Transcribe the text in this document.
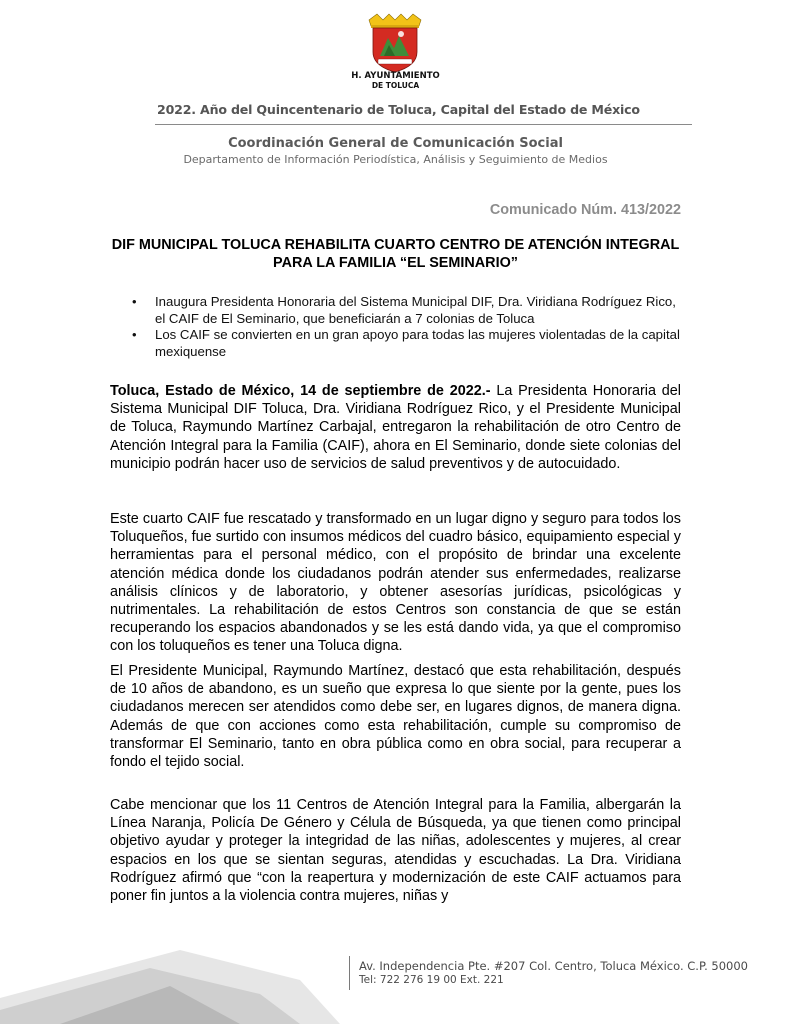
H. AYUNTAMIENTO
DE TOLUCA
2022. Año del Quincentenario de Toluca, Capital del Estado de México
Coordinación General de Comunicación Social
Departamento de Información Periodística, Análisis y Seguimiento de Medios
Comunicado Núm. 413/2022
DIF MUNICIPAL TOLUCA REHABILITA CUARTO CENTRO DE ATENCIÓN INTEGRAL PARA LA FAMILIA “EL SEMINARIO”
• Inaugura Presidenta Honoraria del Sistema Municipal DIF, Dra. Viridiana Rodríguez Rico, el CAIF de El Seminario, que beneficiarán a 7 colonias de Toluca
• Los CAIF se convierten en un gran apoyo para todas las mujeres violentadas de la capital mexiquense

Toluca, Estado de México, 14 de septiembre de 2022.- La Presidenta Honoraria del Sistema Municipal DIF Toluca, Dra. Viridiana Rodríguez Rico, y el Presidente Municipal de Toluca, Raymundo Martínez Carbajal, entregaron la rehabilitación de otro Centro de Atención Integral para la Familia (CAIF), ahora en El Seminario, donde siete colonias del municipio podrán hacer uso de servicios de salud preventivos y de autocuidado.

Este cuarto CAIF fue rescatado y transformado en un lugar digno y seguro para todos los Toluqueños, fue surtido con insumos médicos del cuadro básico, equipamiento especial y herramientas para el personal médico, con el propósito de brindar una excelente atención médica donde los ciudadanos podrán atender sus enfermedades, realizarse análisis clínicos y de laboratorio, y obtener asesorías jurídicas, psicológicas y nutrimentales. La rehabilitación de estos Centros son constancia de que se están recuperando los espacios abandonados y se les está dando vida, ya que el compromiso con los toluqueños es tener una Toluca digna.

El Presidente Municipal, Raymundo Martínez, destacó que esta rehabilitación, después de 10 años de abandono, es un sueño que expresa lo que siente por la gente, pues los ciudadanos merecen ser atendidos como debe ser, en lugares dignos, de manera digna. Además de que con acciones como esta rehabilitación, cumple su compromiso de transformar El Seminario, tanto en obra pública como en obra social, para recuperar a fondo el tejido social.

Cabe mencionar que los 11 Centros de Atención Integral para la Familia, albergarán la Línea Naranja, Policía De Género y Célula de Búsqueda, ya que tienen como principal objetivo ayudar y proteger la integridad de las niñas, adolescentes y mujeres, al crear espacios en los que se sientan seguras, atendidas y escuchadas. La Dra. Viridiana Rodríguez afirmó que “con la reapertura y modernización de este CAIF actuamos para poner fin juntos a la violencia contra mujeres, niñas y

Av. Independencia Pte. #207 Col. Centro, Toluca México. C.P. 50000
Tel: 722 276 19 00 Ext. 221
